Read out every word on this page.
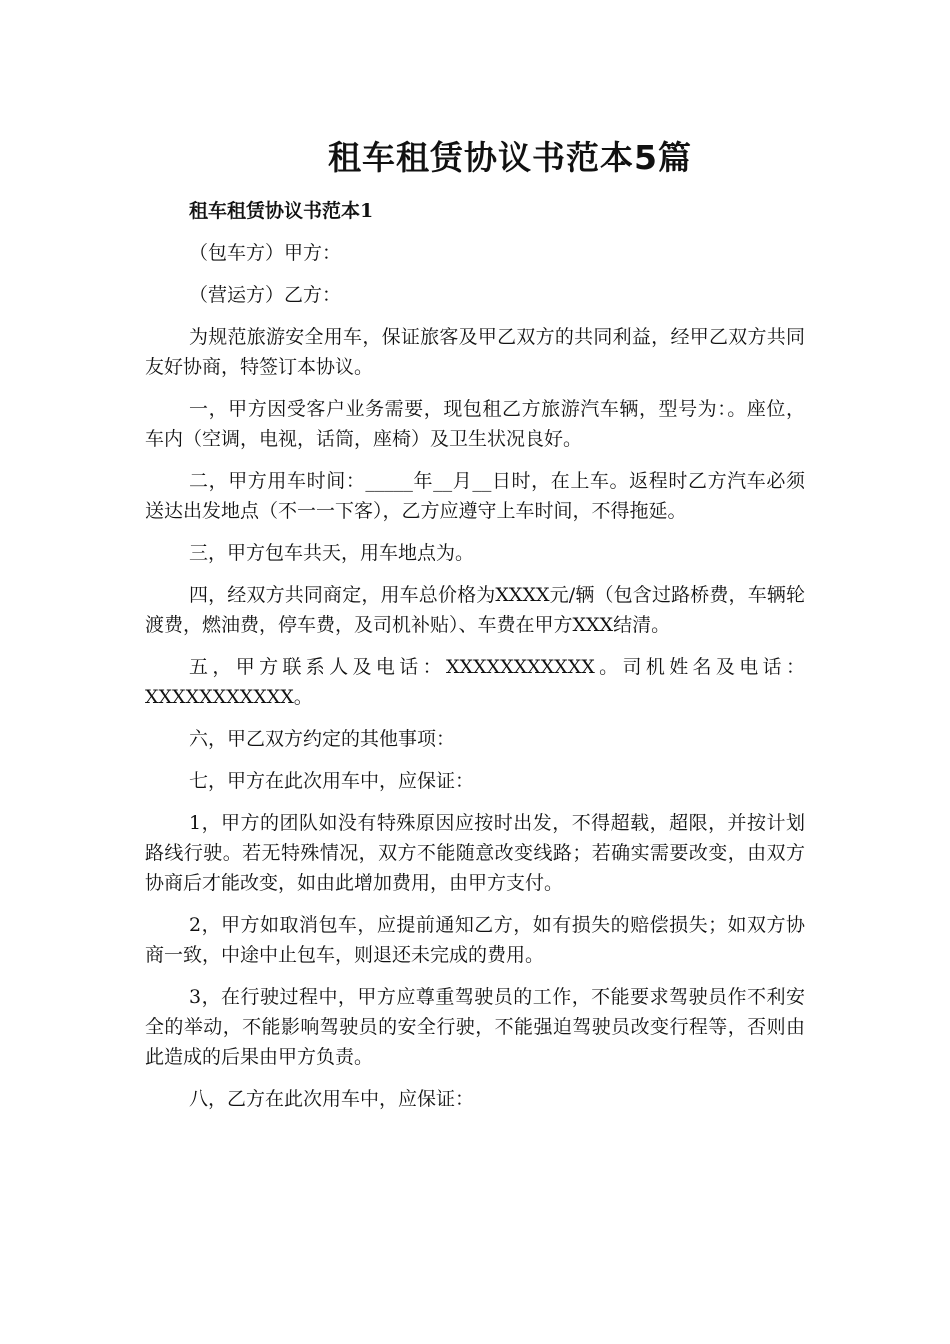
租车租赁协议书范本5篇

租车租赁协议书范本1

（包车方）甲方：

（营运方）乙方：

为规范旅游安全用车，保证旅客及甲乙双方的共同利益，经甲乙双方共同友好协商，特签订本协议。

一，甲方因受客户业务需要，现包租乙方旅游汽车辆，型号为：。座位，车内（空调，电视，话筒，座椅）及卫生状况良好。

二，甲方用车时间：_____年__月__日时，在上车。返程时乙方汽车必须送达出发地点（不一一下客），乙方应遵守上车时间，不得拖延。

三，甲方包车共天，用车地点为。

四，经双方共同商定，用车总价格为XXXX元/辆（包含过路桥费，车辆轮渡费，燃油费，停车费，及司机补贴）、车费在甲方XXX结清。

五，甲方联系人及电话：XXXXXXXXXXX。司机姓名及电话：XXXXXXXXXXX。

六，甲乙双方约定的其他事项：

七，甲方在此次用车中，应保证：

1，甲方的团队如没有特殊原因应按时出发，不得超载，超限，并按计划路线行驶。若无特殊情况，双方不能随意改变线路；若确实需要改变，由双方协商后才能改变，如由此增加费用，由甲方支付。

2，甲方如取消包车，应提前通知乙方，如有损失的赔偿损失；如双方协商一致，中途中止包车，则退还未完成的费用。

3，在行驶过程中，甲方应尊重驾驶员的工作，不能要求驾驶员作不利安全的举动，不能影响驾驶员的安全行驶，不能强迫驾驶员改变行程等，否则由此造成的后果由甲方负责。

八，乙方在此次用车中，应保证：
